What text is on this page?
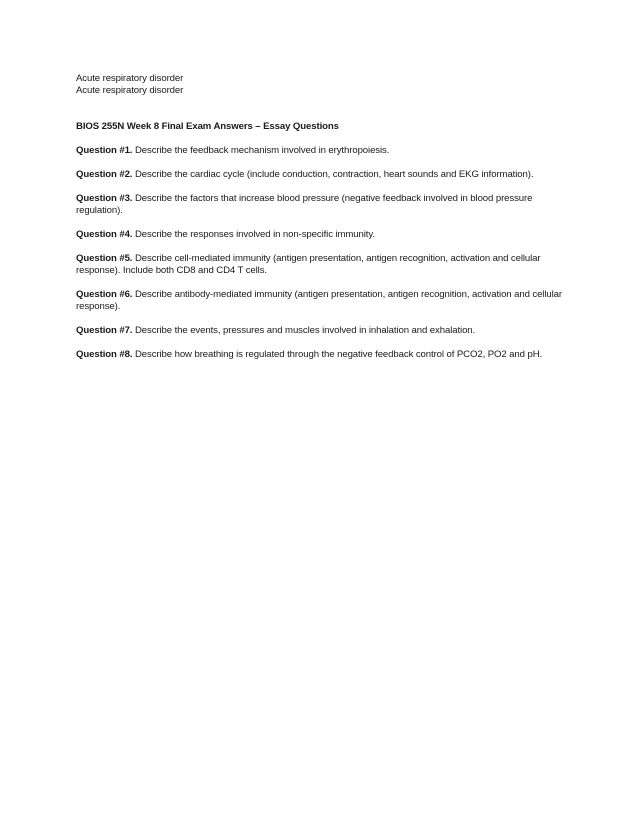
Acute respiratory disorder

Acute respiratory disorder

BIOS 255N Week 8 Final Exam Answers – Essay Questions

Question #1. Describe the feedback mechanism involved in erythropoiesis.

Question #2. Describe the cardiac cycle (include conduction, contraction, heart sounds and EKG information).

Question #3. Describe the factors that increase blood pressure (negative feedback involved in blood pressure regulation).

Question #4. Describe the responses involved in non-specific immunity.

Question #5. Describe cell-mediated immunity (antigen presentation, antigen recognition, activation and cellular response). Include both CD8 and CD4 T cells.

Question #6. Describe antibody-mediated immunity (antigen presentation, antigen recognition, activation and cellular response).

Question #7. Describe the events, pressures and muscles involved in inhalation and exhalation.

Question #8. Describe how breathing is regulated through the negative feedback control of PCO2, PO2 and pH.
